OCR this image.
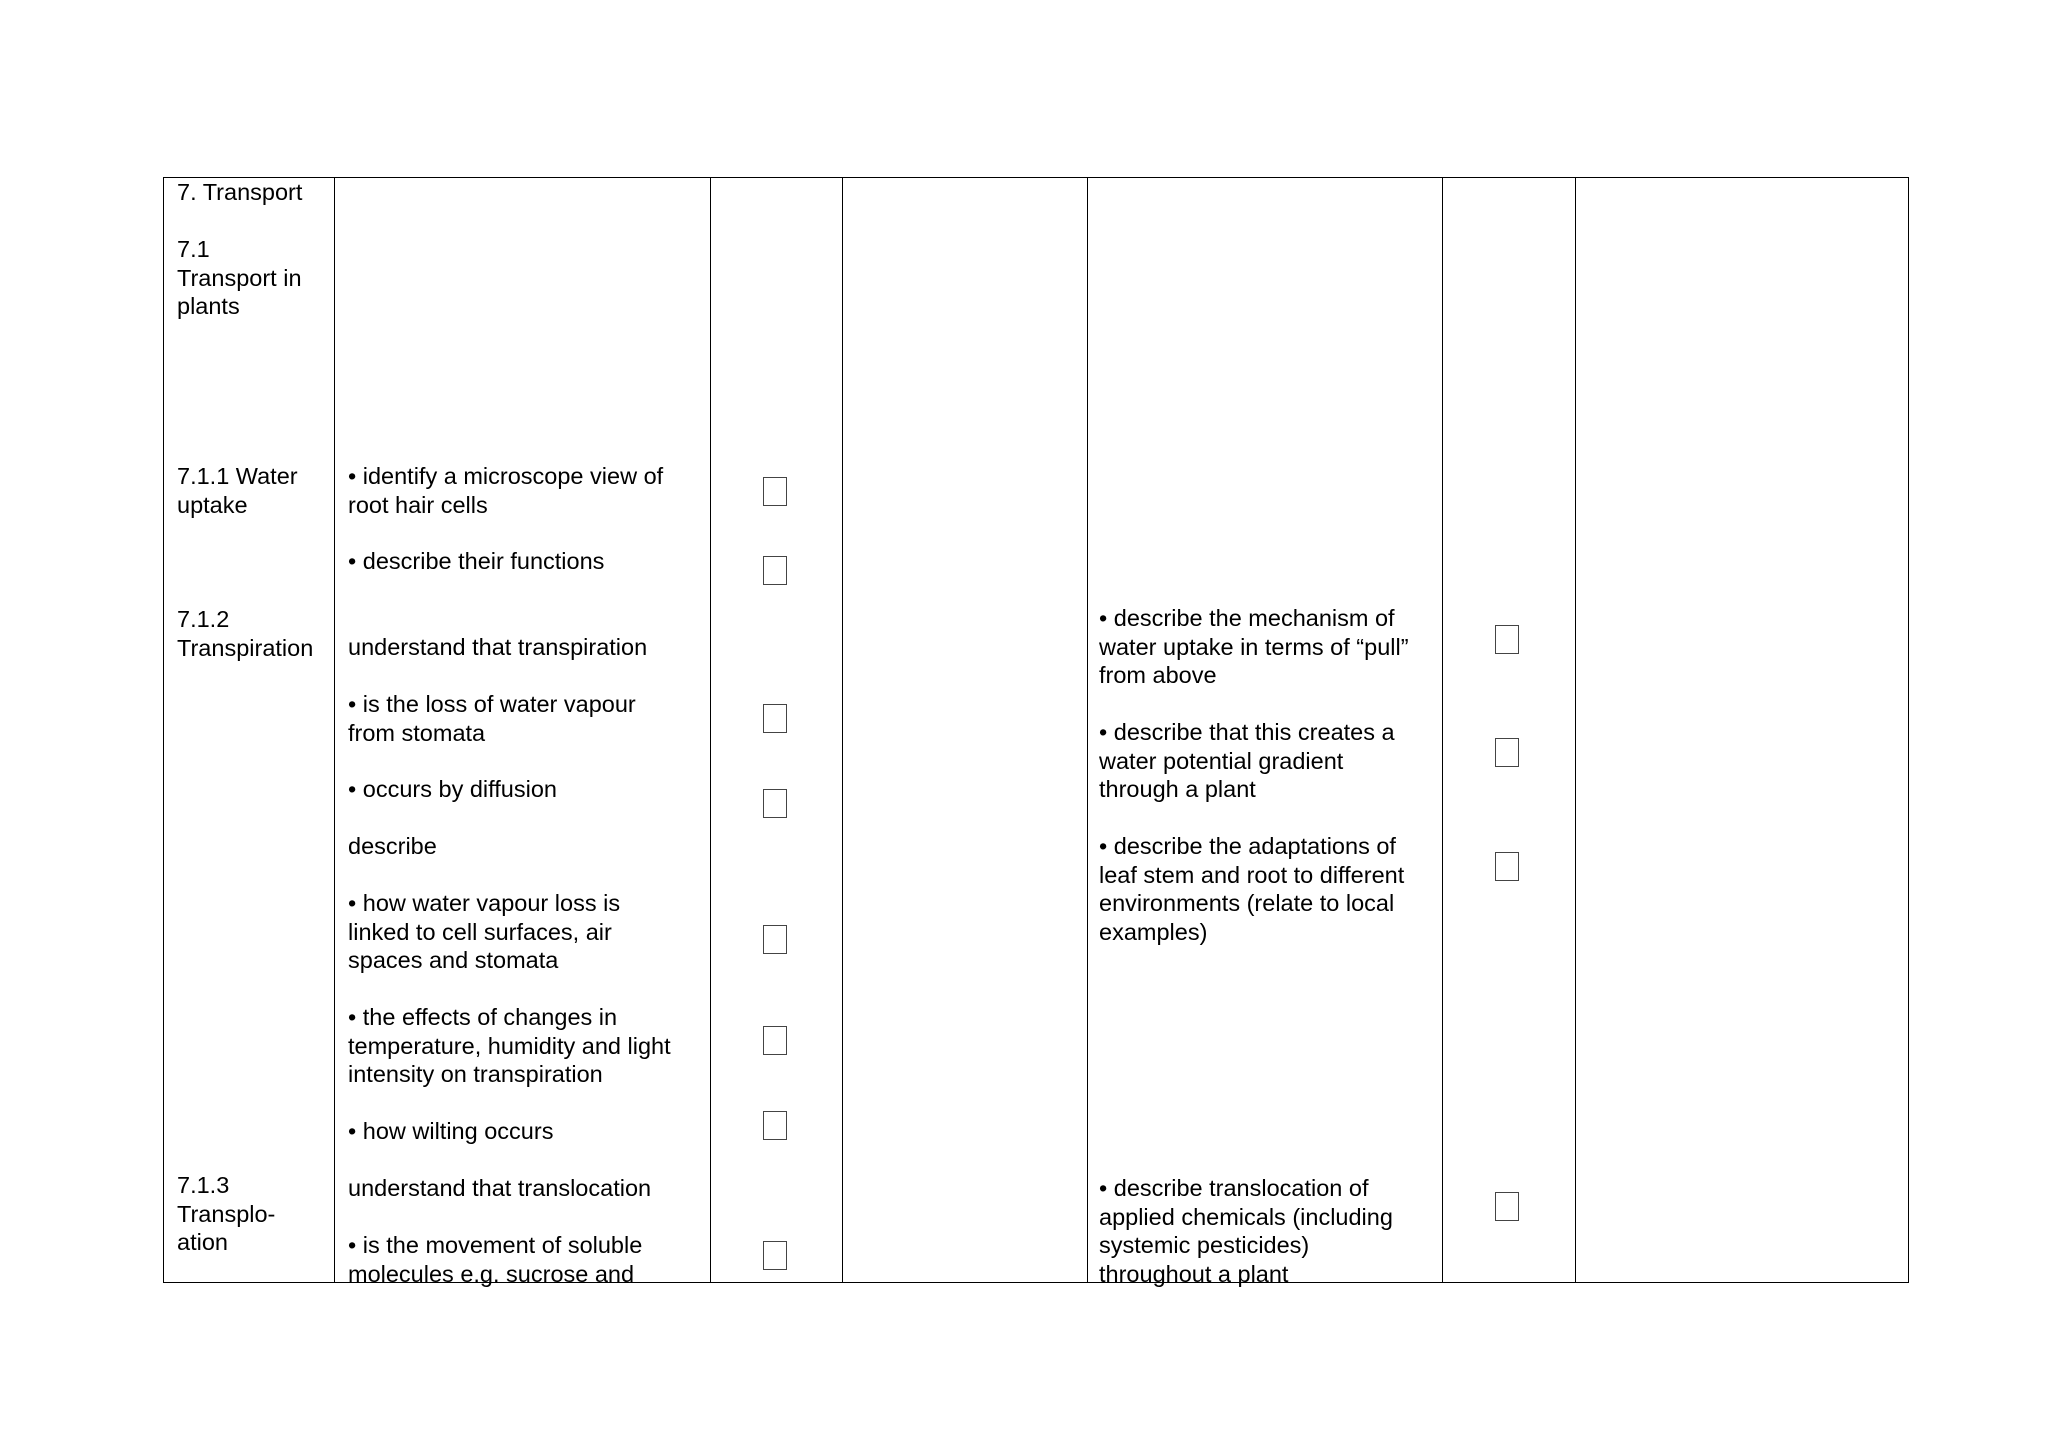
7. Transport
7.1
Transport in
plants
7.1.1 Water
uptake
7.1.2
Transpiration
7.1.3
Transplo-
ation
• identify a microscope view of
root hair cells
• describe their functions
understand that transpiration
• is the loss of water vapour
from stomata
• occurs by diffusion
describe
• how water vapour loss is
linked to cell surfaces, air
spaces and stomata
• the effects of changes in
temperature, humidity and light
intensity on transpiration
• how wilting occurs
understand that translocation
• is the movement of soluble
molecules e.g. sucrose and
• describe the mechanism of
water uptake in terms of “pull”
from above
• describe that this creates a
water potential gradient
through a plant
• describe the adaptations of
leaf stem and root to different
environments (relate to local
examples)
• describe translocation of
applied chemicals (including
systemic pesticides)
throughout a plant
